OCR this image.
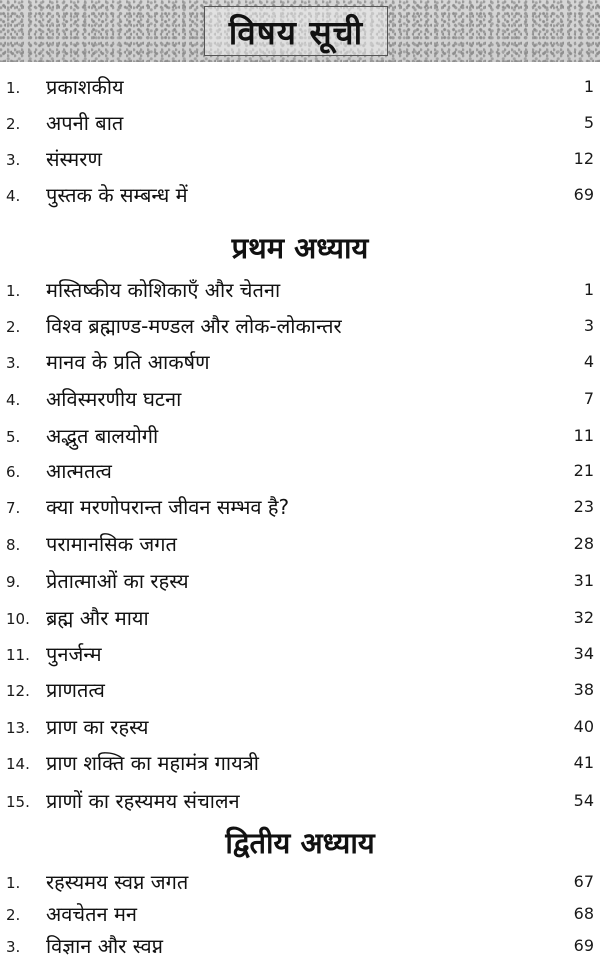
विषय सूची
1. प्रकाशकीय	1
2. अपनी बात	5
3. संस्मरण	12
4. पुस्तक के सम्बन्ध में	69
प्रथम अध्याय
1. मस्तिष्कीय कोशिकाएँ और चेतना	1
2. विश्व ब्रह्माण्ड-मण्डल और लोक-लोकान्तर	3
3. मानव के प्रति आकर्षण	4
4. अविस्मरणीय घटना	7
5. अद्भुत बालयोगी	11
6. आत्मतत्व	21
7. क्या मरणोपरान्त जीवन सम्भव है?	23
8. परामानसिक जगत	28
9. प्रेतात्माओं का रहस्य	31
10. ब्रह्म और माया	32
11. पुनर्जन्म	34
12. प्राणतत्व	38
13. प्राण का रहस्य	40
14. प्राण शक्ति का महामंत्र गायत्री	41
15. प्राणों का रहस्यमय संचालन	54
द्वितीय अध्याय
1. रहस्यमय स्वप्न जगत	67
2. अवचेतन मन	68
3. विज्ञान और स्वप्न	69
